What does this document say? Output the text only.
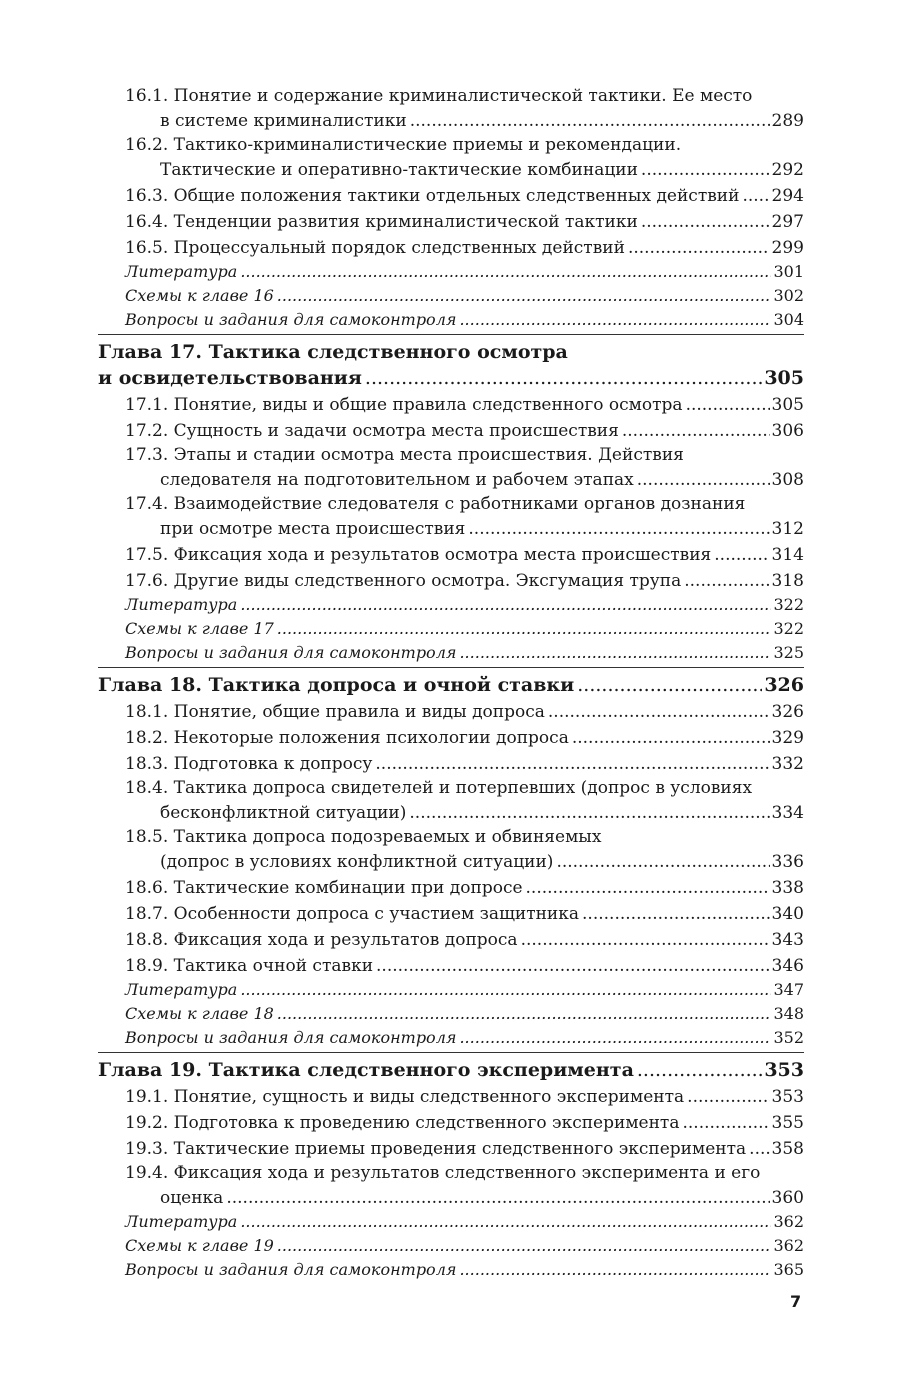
16.1. Понятие и содержание криминалистической тактики. Ее место
в системе криминалистики .....	289
16.2. Тактико-криминалистические приемы и рекомендации.
Тактические и оперативно-тактические комбинации .....	292
16.3. Общие положения тактики отдельных следственных действий ..... 294
16.4. Тенденции развития криминалистической тактики .....	297
16.5. Процессуальный порядок следственных действий .....	299
Литература .....	301
Схемы к главе 16 .....	302
Вопросы и задания для самоконтроля .....	304
Глава 17. Тактика следственного осмотра
и освидетельствования .....	305
17.1. Понятие, виды и общие правила следственного осмотра .....	305
17.2. Сущность и задачи осмотра места происшествия .....	306
17.3. Этапы и стадии осмотра места происшествия. Действия
следователя на подготовительном и рабочем этапах .....	308
17.4. Взаимодействие следователя с работниками органов дознания
при осмотре места происшествия .....	312
17.5. Фиксация хода и результатов осмотра места происшествия .....	314
17.6. Другие виды следственного осмотра. Эксгумация трупа .....	318
Литература .....	322
Схемы к главе 17 .....	322
Вопросы и задания для самоконтроля .....	325
Глава 18. Тактика допроса и очной ставки .....	326
18.1. Понятие, общие правила и виды допроса .....	326
18.2. Некоторые положения психологии допроса .....	329
18.3. Подготовка к допросу .....	332
18.4. Тактика допроса свидетелей и потерпевших (допрос в условиях
бесконфликтной ситуации) .....	334
18.5. Тактика допроса подозреваемых и обвиняемых
(допрос в условиях конфликтной ситуации) .....	336
18.6. Тактические комбинации при допросе .....	338
18.7. Особенности допроса с участием защитника .....	340
18.8. Фиксация хода и результатов допроса .....	343
18.9. Тактика очной ставки .....	346
Литература .....	347
Схемы к главе 18 .....	348
Вопросы и задания для самоконтроля .....	352
Глава 19. Тактика следственного эксперимента .....	353
19.1. Понятие, сущность и виды следственного эксперимента .....	353
19.2. Подготовка к проведению следственного эксперимента .....	355
19.3. Тактические приемы проведения следственного эксперимента ..... 358
19.4. Фиксация хода и результатов следственного эксперимента и его
оценка .....	360
Литература .....	362
Схемы к главе 19 .....	362
Вопросы и задания для самоконтроля .....	365
7
